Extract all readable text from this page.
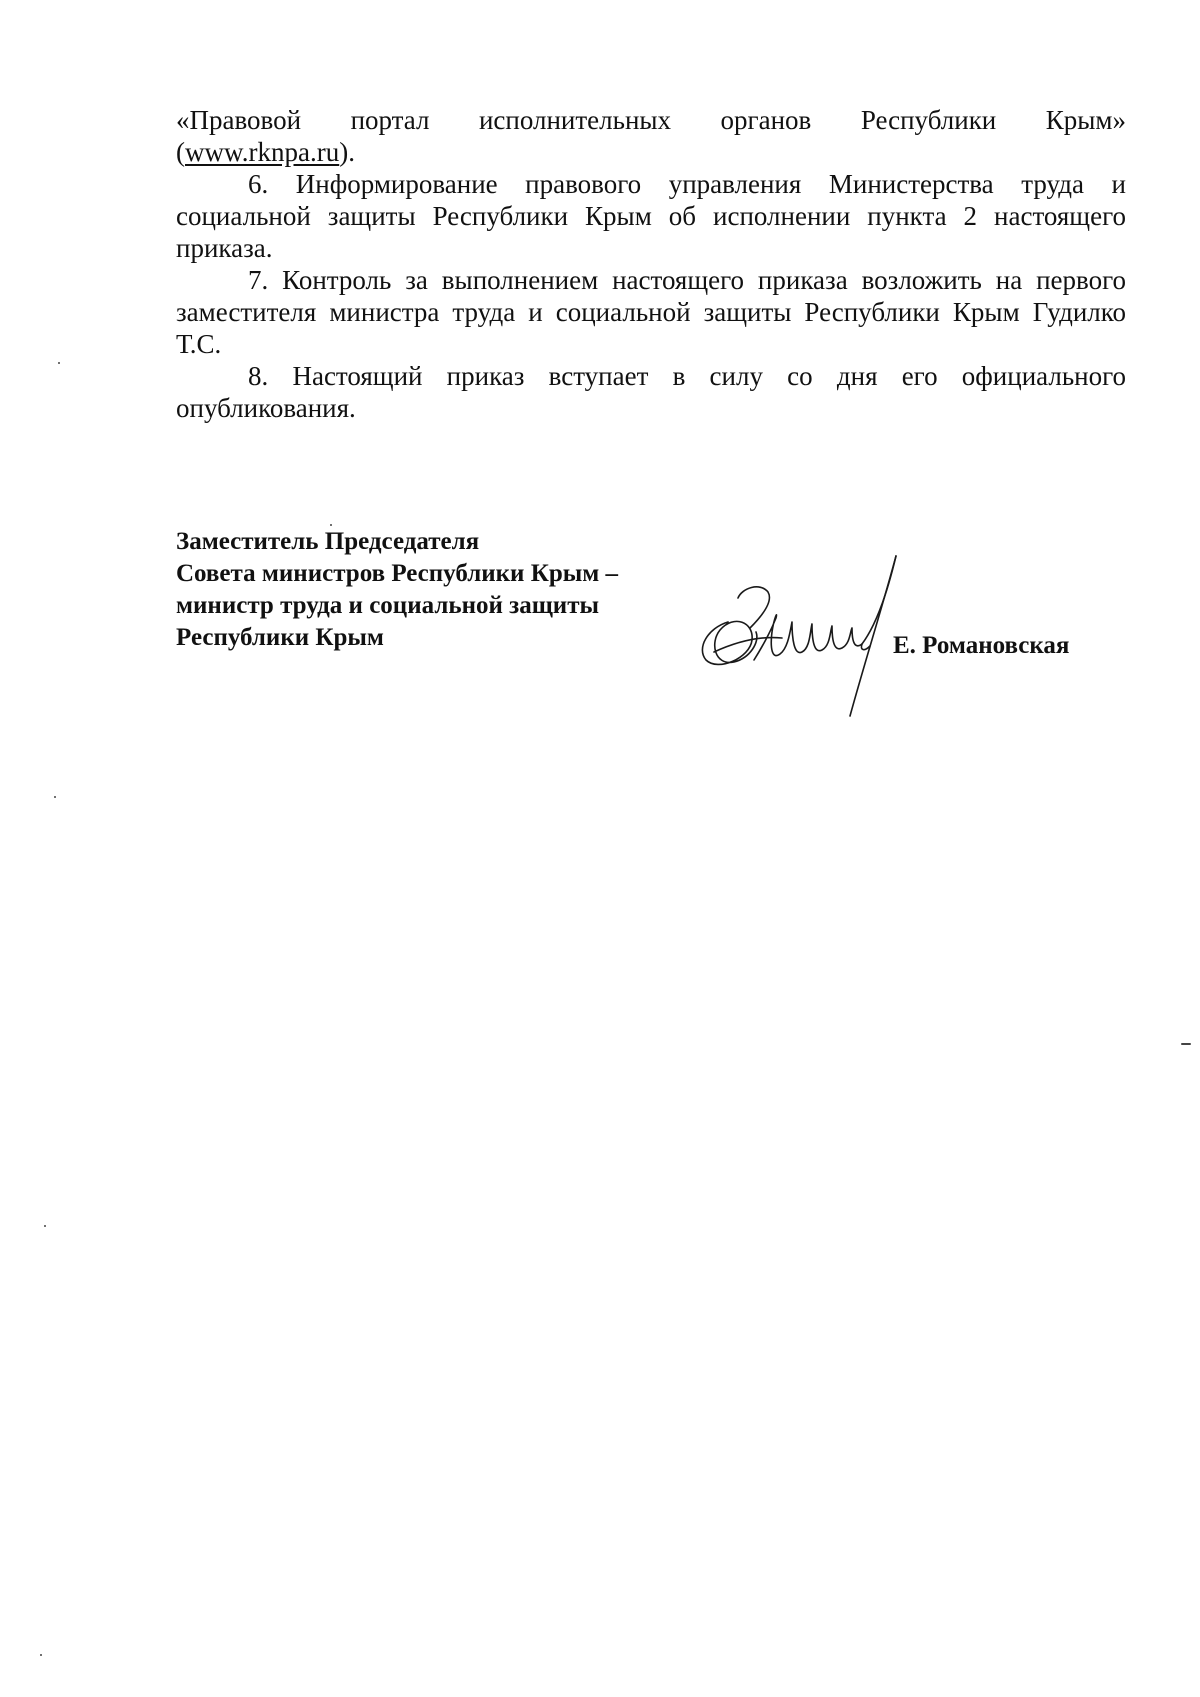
«Правовой портал исполнительных органов Республики Крым»
(www.rknpa.ru).

6. Информирование правового управления Министерства труда и социальной защиты Республики Крым об исполнении пункта 2 настоящего приказа.

7. Контроль за выполнением настоящего приказа возложить на первого заместителя министра труда и социальной защиты Республики Крым Гудилко Т.С.

8. Настоящий приказ вступает в силу со дня его официального опубликования.

Заместитель Председателя
Совета министров Республики Крым –
министр труда и социальной защиты
Республики Крым	Е. Романовская
